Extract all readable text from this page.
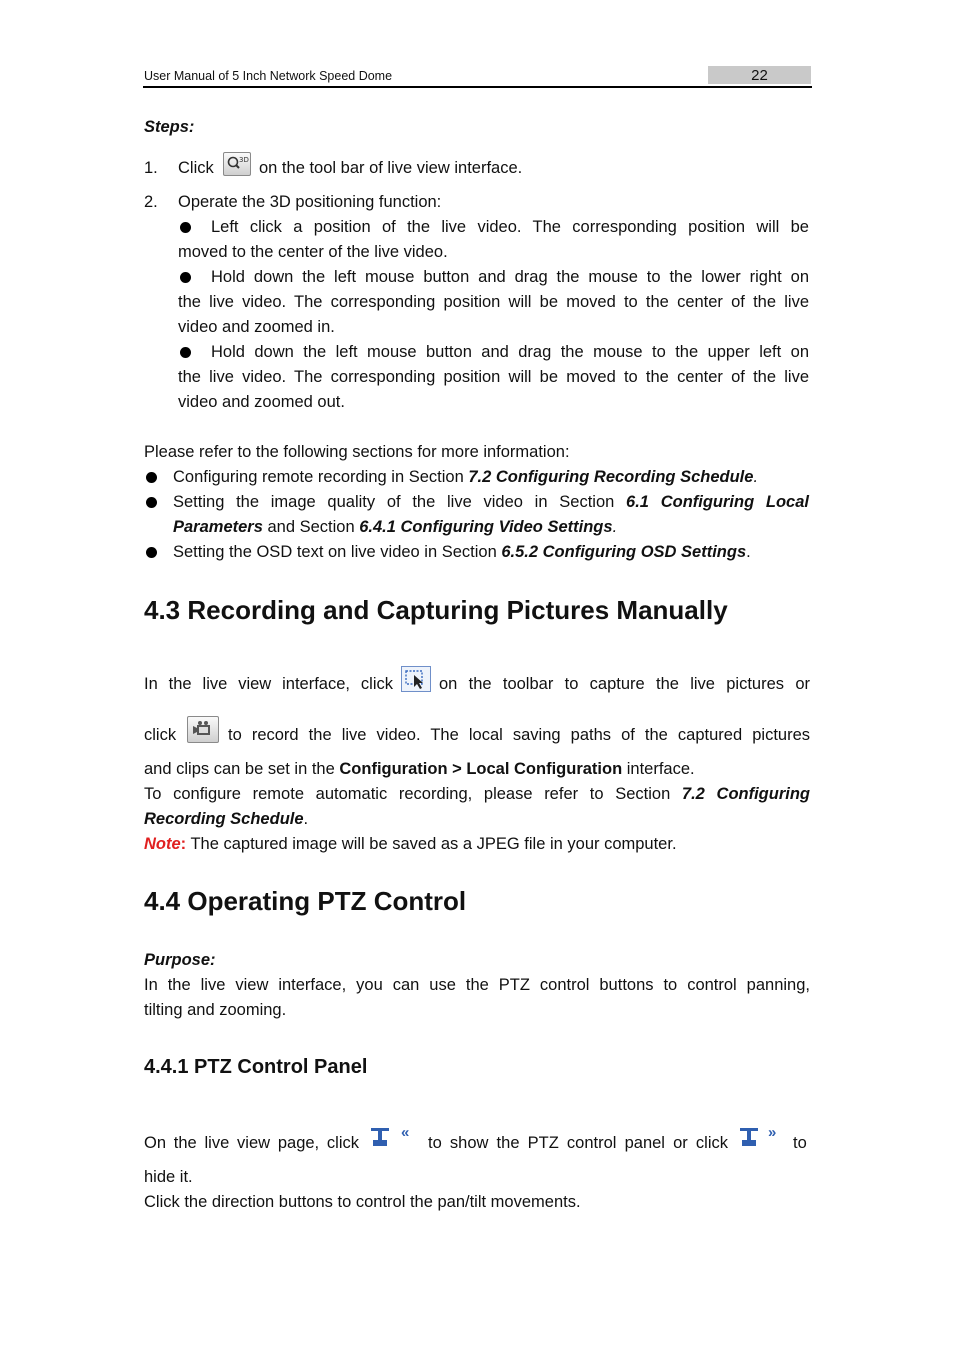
User Manual of 5 Inch Network Speed Dome	22
Steps:
1. Click	on the tool bar of live view interface.
3D
2. Operate the 3D positioning function:
Left click a position of the live video. The corresponding position will be
moved to the center of the live video.
Hold down the left mouse button and drag the mouse to the lower right on
the live video. The corresponding position will be moved to the center of the live
video and zoomed in.
Hold down the left mouse button and drag the mouse to the upper left on
the live video. The corresponding position will be moved to the center of the live
video and zoomed out.
Please refer to the following sections for more information:
Configuring remote recording in Section 7.2 Configuring Recording Schedule.
Setting the image quality of the live video in Section 6.1 Configuring Local
Parameters and Section 6.4.1 Configuring Video Settings.
Setting the OSD text on live video in Section 6.5.2 Configuring OSD Settings.
4.3 Recording and Capturing Pictures Manually
In the live view interface, click	on the toolbar to capture the live pictures or
click	to record the live video. The local saving paths of the captured pictures
and clips can be set in the Configuration > Local Configuration interface.
To configure remote automatic recording, please refer to Section 7.2 Configuring
Recording Schedule.
Note: The captured image will be saved as a JPEG file in your computer.
4.4 Operating PTZ Control
Purpose:
In the live view interface, you can use the PTZ control buttons to control panning,
tilting and zooming.
4.4.1 PTZ Control Panel
On the live view page, click	to show the PTZ control panel or click	to
«	»
hide it.
Click the direction buttons to control the pan/tilt movements.
